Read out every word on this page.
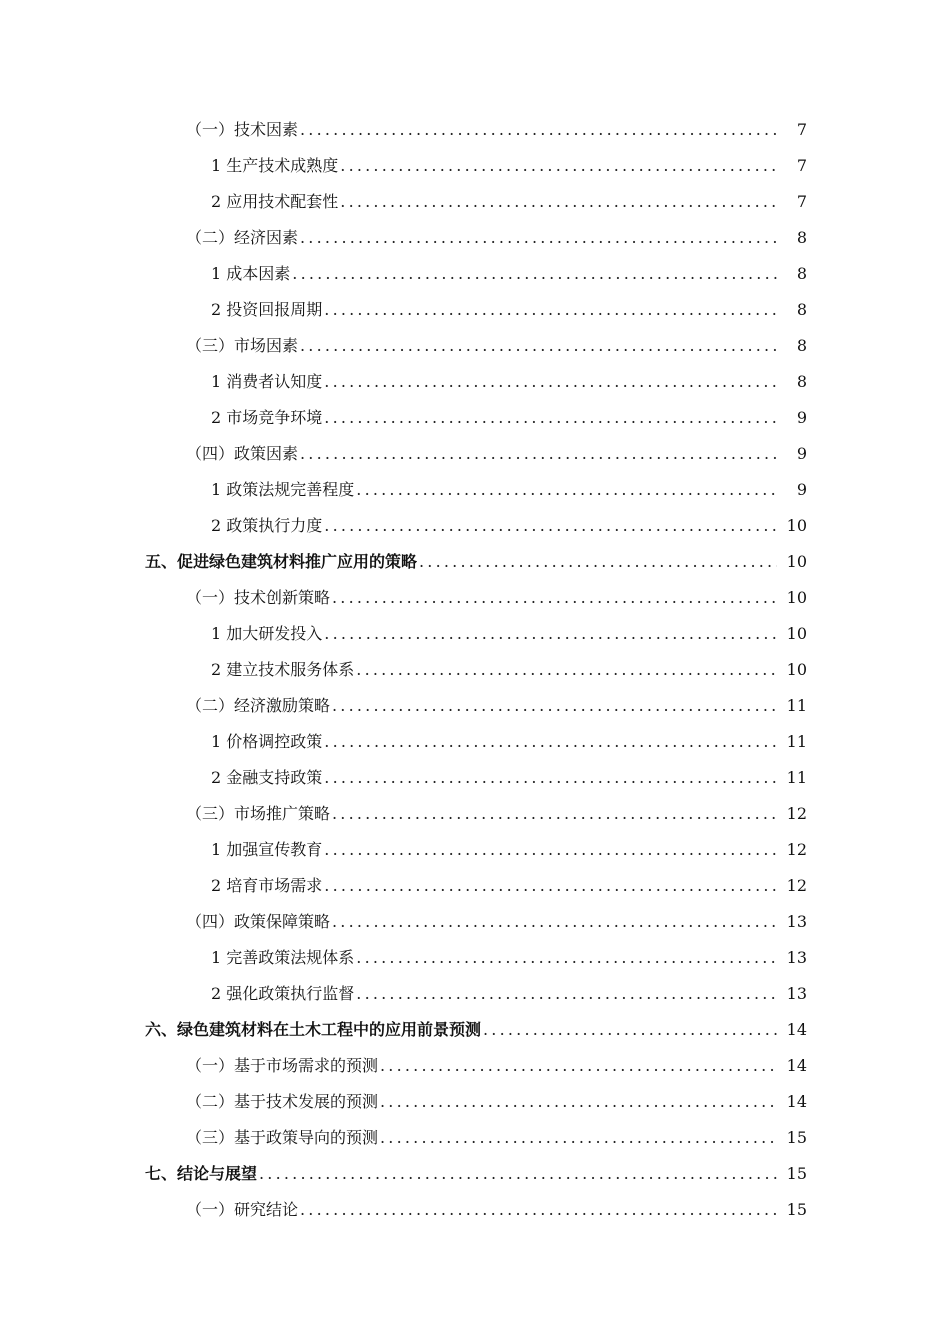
（一）技术因素 .....	7
1 生产技术成熟度 .....	7
2 应用技术配套性 .....	7
（二）经济因素 .....	8
1 成本因素 .....	8
2 投资回报周期 .....	8
（三）市场因素 .....	8
1 消费者认知度 .....	8
2 市场竞争环境 .....	9
（四）政策因素 .....	9
1 政策法规完善程度 .....	9
2 政策执行力度 .....	10
五、促进绿色建筑材料推广应用的策略 .....	10
（一）技术创新策略 .....	10
1 加大研发投入 .....	10
2 建立技术服务体系 .....	10
（二）经济激励策略 .....	11
1 价格调控政策 .....	11
2 金融支持政策 .....	11
（三）市场推广策略 .....	12
1 加强宣传教育 .....	12
2 培育市场需求 .....	12
（四）政策保障策略 .....	13
1 完善政策法规体系 .....	13
2 强化政策执行监督 .....	13
六、绿色建筑材料在土木工程中的应用前景预测 .....	14
（一）基于市场需求的预测 .....	14
（二）基于技术发展的预测 .....	14
（三）基于政策导向的预测 .....	15
七、结论与展望 .....	15
（一）研究结论 .....	15
